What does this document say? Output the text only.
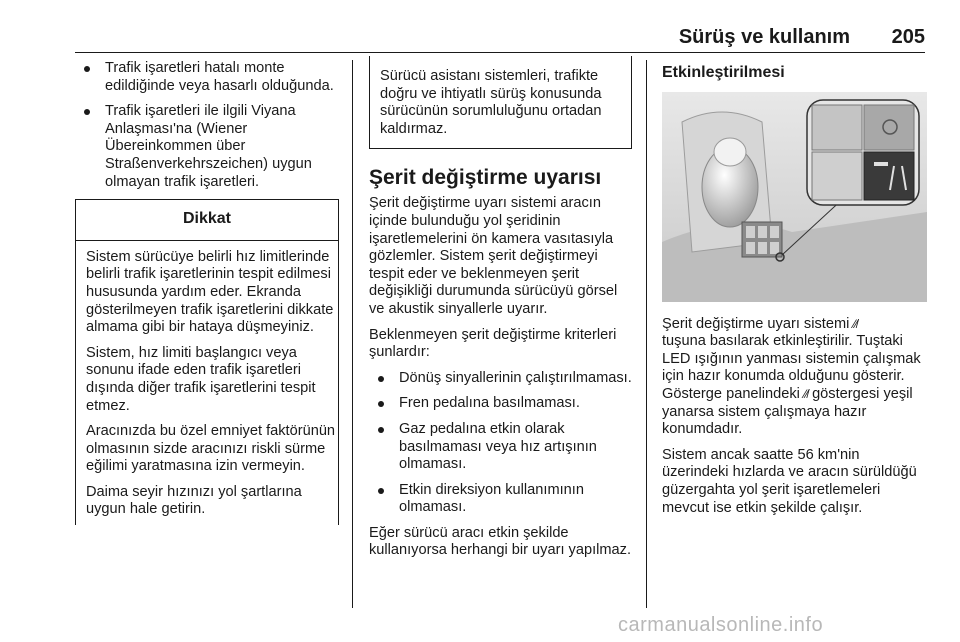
Sürüş ve kullanım 205
Trafik işaretleri hatalı monte edildiğinde veya hasarlı olduğunda.
Trafik işaretleri ile ilgili Viyana Anlaşması'na (Wiener Übereinkommen über Straßenverkehrszeichen) uygun olmayan trafik işaretleri.
Dikkat

Sistem sürücüye belirli hız limitlerinde belirli trafik işaretlerinin tespit edilmesi hususunda yardım eder. Ekranda gösterilmeyen trafik işaretlerini dikkate almama gibi bir hataya düşmeyiniz.

Sistem, hız limiti başlangıcı veya sonunu ifade eden trafik işaretleri dışında diğer trafik işaretlerini tespit etmez.

Aracınızda bu özel emniyet faktörünün olmasının sizde aracınızı riskli sürme eğilimi yaratmasına izin vermeyin.

Daima seyir hızınızı yol şartlarına uygun hale getirin.

Sürücü asistanı sistemleri, trafikte doğru ve ihtiyatlı sürüş konusunda sürücünün sorumluluğunu ortadan kaldırmaz.
Şerit değiştirme uyarısı

Şerit değiştirme uyarı sistemi aracın içinde bulunduğu yol şeridinin işaretlemelerini ön kamera vasıtasıyla gözlemler. Sistem şerit değiştirmeyi tespit eder ve beklenmeyen şerit değişikliği durumunda sürücüyü görsel ve akustik sinyallerle uyarır.

Beklenmeyen şerit değiştirme kriterleri şunlardır:

Dönüş sinyallerinin çalıştırılmaması.
Fren pedalına basılmaması.
Gaz pedalına etkin olarak basılmaması veya hız artışının olmaması.
Etkin direksiyon kullanımının olmaması.

Eğer sürücü aracı etkin şekilde kullanıyorsa herhangi bir uyarı yapılmaz.

Etkinleştirilmesi

Şerit değiştirme uyarı sistemi ⁄⁄̸
tuşuna basılarak etkinleştirilir. Tuştaki LED ışığının yanması sistemin çalışmak için hazır konumda olduğunu gösterir. Gösterge panelindeki ⁄⁄̸ göstergesi yeşil yanarsa sistem çalışmaya hazır konumdadır.

Sistem ancak saatte 56 km'nin üzerindeki hızlarda ve aracın sürüldüğü güzergahta yol şerit işaretlemeleri mevcut ise etkin şekilde çalışır.

carmanualsonline.info
